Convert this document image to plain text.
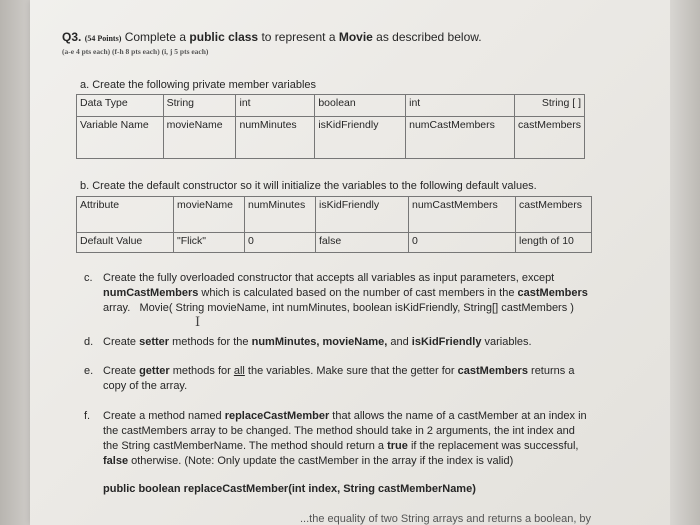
Q3. (54 Points) Complete a public class to represent a Movie as described below.
(a-e 4 pts each) (f-h 8 pts each) (i, j 5 pts each)
a. Create the following private member variables
Data Type	String	int	boolean	int	String [ ]
Variable Name	movieName	numMinutes	isKidFriendly	numCastMembers	castMembers
b. Create the default constructor so it will initialize the variables to the following default values.
Attribute	movieName	numMinutes	isKidFriendly	numCastMembers	castMembers
Default Value	"Flick"	0	false	0	length of 10
c. Create the fully overloaded constructor that accepts all variables as input parameters, except

numCastMembers which is calculated based on the number of cast members in the castMembers

array. Movie( String movieName, int numMinutes, boolean isKidFriendly, String[] castMembers )

I
d. Create setter methods for the numMinutes, movieName, and isKidFriendly variables.

e. Create getter methods for all the variables. Make sure that the getter for castMembers returns a

copy of the array.

f. Create a method named replaceCastMember that allows the name of a castMember at an index in

the castMembers array to be changed. The method should take in 2 arguments, the int index and

the String castMemberName. The method should return a true if the replacement was successful,

false otherwise. (Note: Only update the castMember in the array if the index is valid)

public boolean replaceCastMember(int index, String castMemberName)

...the equality of two String arrays and returns a boolean, by
